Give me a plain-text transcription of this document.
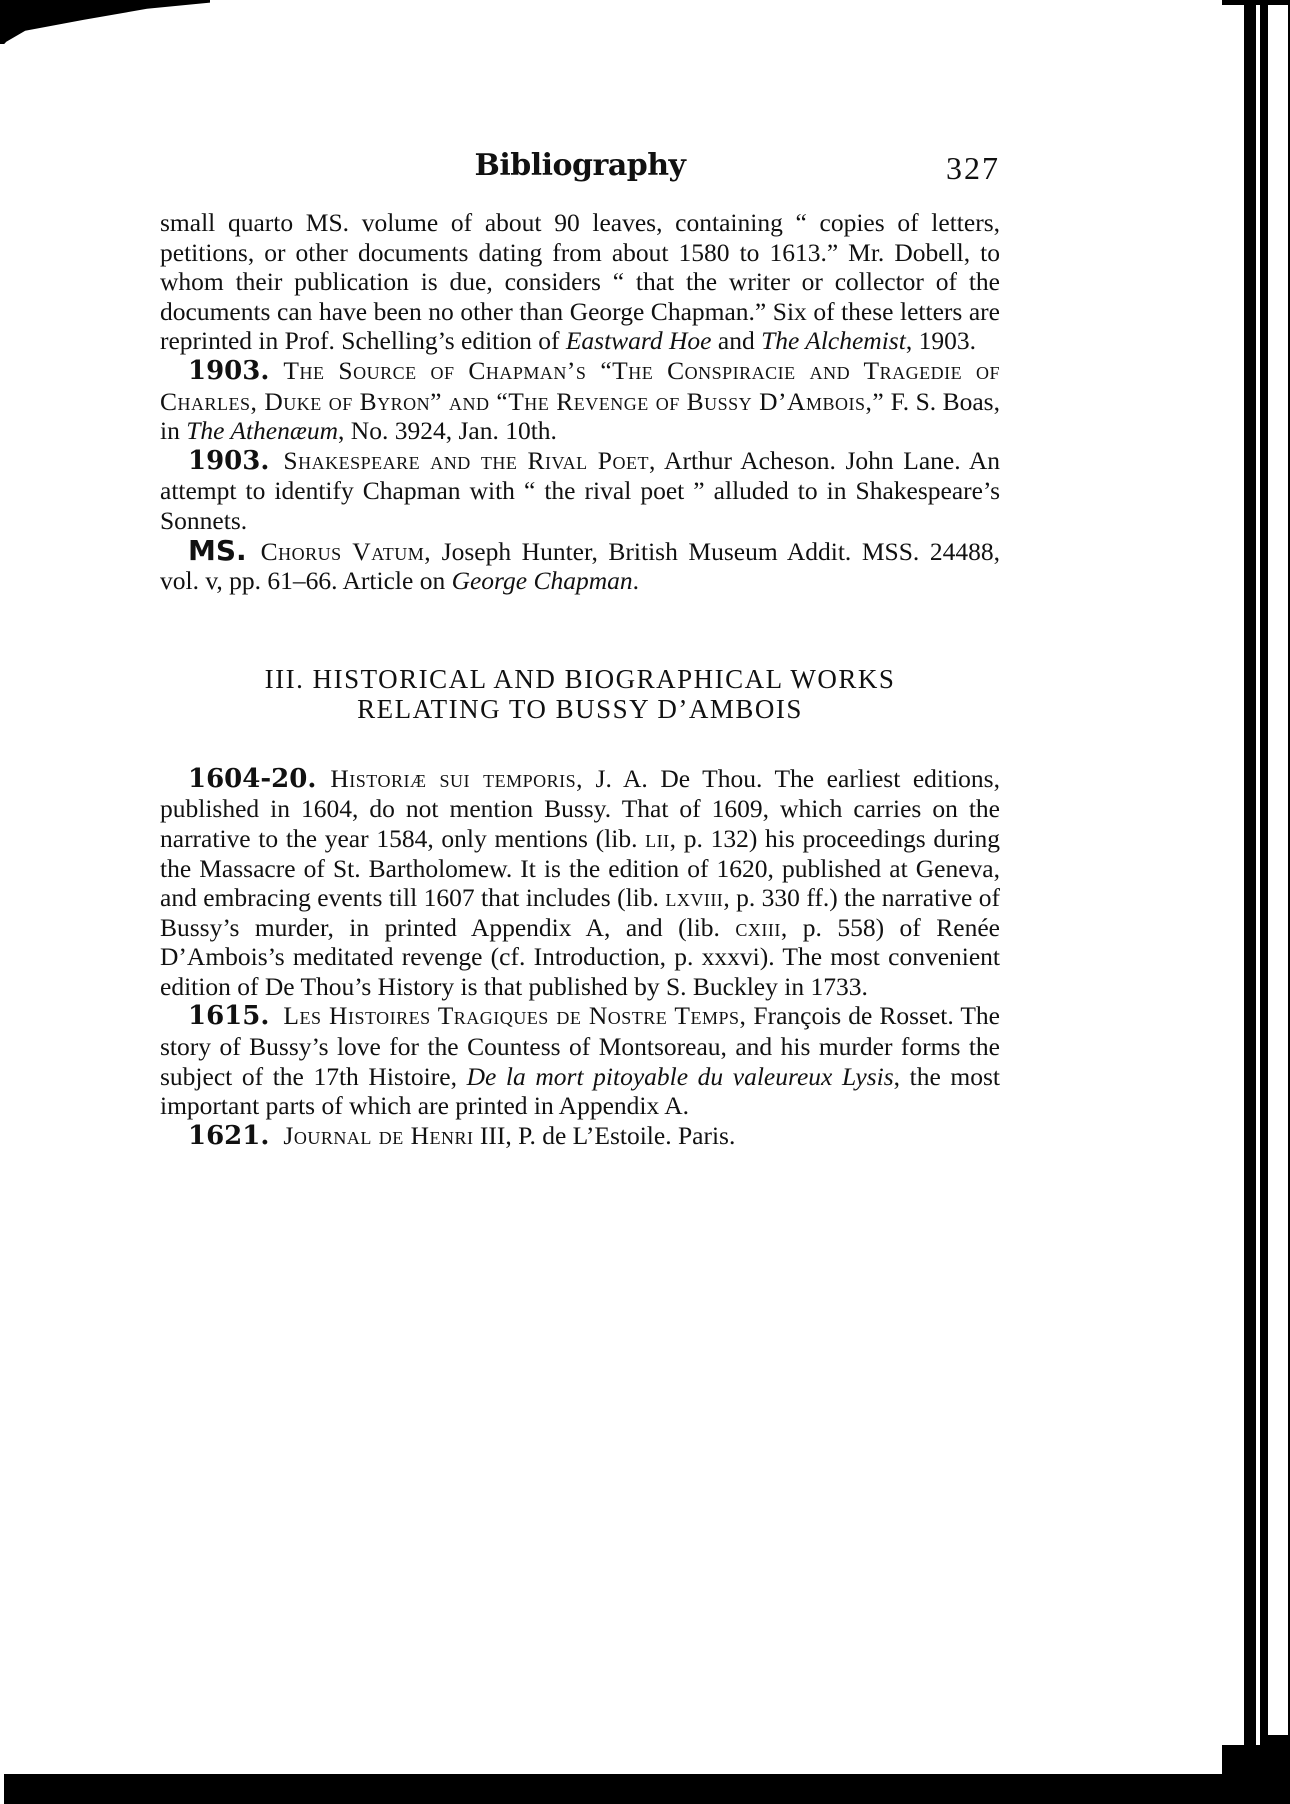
Bibliography	327

small quarto MS. volume of about 90 leaves, containing “ copies of letters, petitions, or other documents dating from about 1580 to 1613.” Mr. Dobell, to whom their publication is due, considers “ that the writer or collector of the documents can have been no other than George Chapman.” Six of these letters are reprinted in Prof. Schelling’s edition of Eastward Hoe and The Alchemist, 1903.

1903. The Source of Chapman’s “The Conspiracie and Tragedie of Charles, Duke of Byron” and “The Revenge of Bussy D’Ambois,” F. S. Boas, in The Athenæum, No. 3924, Jan. 10th.

1903. Shakespeare and the Rival Poet, Arthur Acheson. John Lane. An attempt to identify Chapman with “ the rival poet ” alluded to in Shakespeare’s Sonnets.

MS. Chorus Vatum, Joseph Hunter, British Museum Addit. MSS. 24488, vol. v, pp. 61–66. Article on George Chapman.

III. HISTORICAL AND BIOGRAPHICAL WORKS
RELATING TO BUSSY D’AMBOIS

1604-20. Historiæ sui temporis, J. A. De Thou. The earliest editions, published in 1604, do not mention Bussy. That of 1609, which carries on the narrative to the year 1584, only mentions (lib. lii, p. 132) his proceedings during the Massacre of St. Bartholomew. It is the edition of 1620, published at Geneva, and embracing events till 1607 that includes (lib. lxviii, p. 330 ff.) the narrative of Bussy’s murder, in printed Appendix A, and (lib. cxiii, p. 558) of Renée D’Ambois’s meditated revenge (cf. Introduction, p. xxxvi). The most convenient edition of De Thou’s History is that published by S. Buckley in 1733.

1615. Les Histoires Tragiques de Nostre Temps, François de Rosset. The story of Bussy’s love for the Countess of Montsoreau, and his murder forms the subject of the 17th Histoire, De la mort pitoyable du valeureux Lysis, the most important parts of which are printed in Appendix A.

1621. Journal de Henri III, P. de L’Estoile. Paris.
